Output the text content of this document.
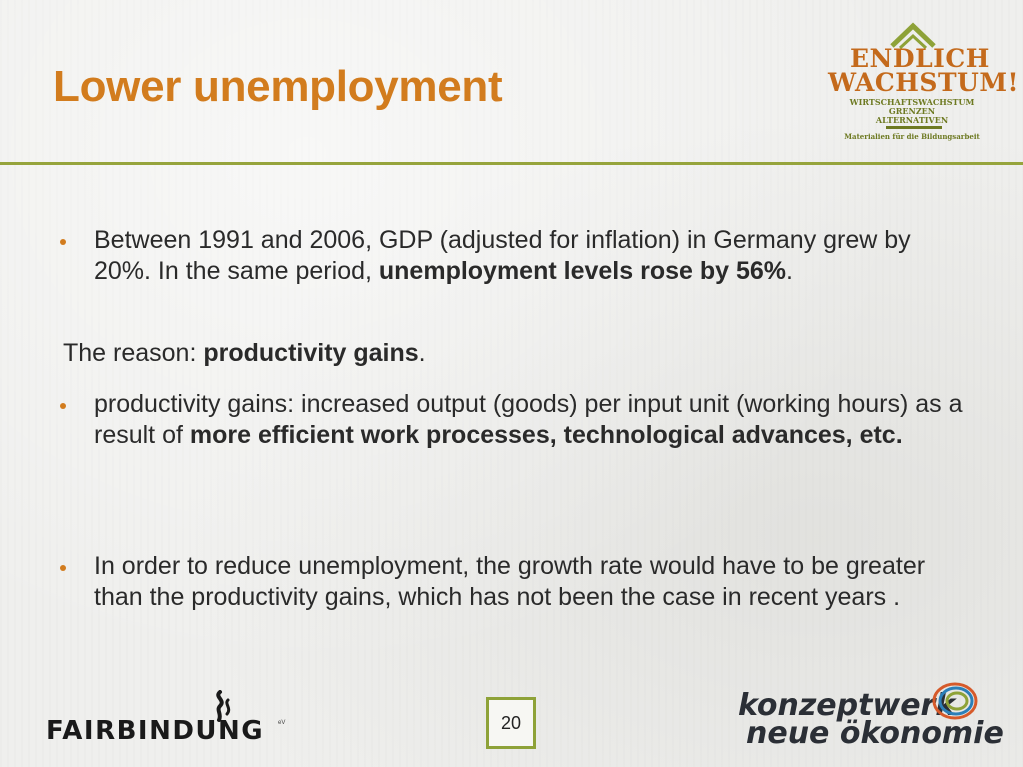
Lower unemployment
ENDLICH
WACHSTUM!
WIRTSCHAFTSWACHSTUM
GRENZEN
ALTERNATIVEN
Materialien für die Bildungsarbeit
Between 1991 and 2006, GDP (adjusted for inflation) in Germany grew by 20%. In the same period, unemployment levels rose by 56%.
The reason: productivity gains.
productivity gains: increased output (goods) per input unit (working hours) as a result of more efficient work processes, technological advances, etc.
In order to reduce unemployment, the growth rate would have to be greater than the productivity gains, which has not been the case in recent years .
FAIRBINDUNG eV	20	konzeptwerk
neue ökonomie
